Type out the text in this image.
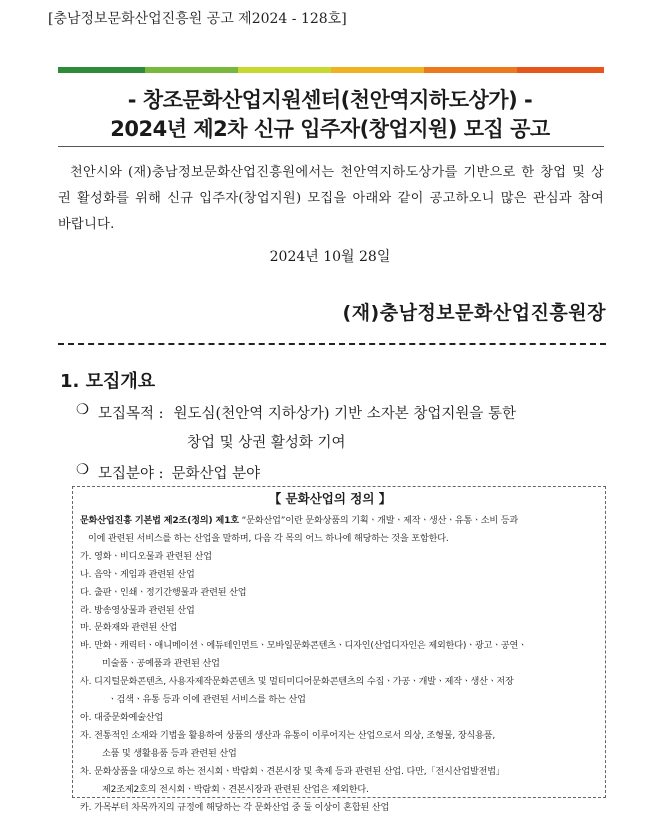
[충남정보문화산업진흥원 공고 제2024 - 128호]
- 창조문화산업지원센터(천안역지하도상가) -
2024년 제2차 신규 입주자(창업지원) 모집 공고
천안시와 (재)충남정보문화산업진흥원에서는 천안역지하도상가를 기반으로 한 창업 및 상권 활성화를 위해 신규 입주자(창업지원) 모집을 아래와 같이 공고하오니 많은 관심과 참여 바랍니다.
2024년 10월 28일
(재)충남정보문화산업진흥원장
1. 모집개요
❍ 모집목적 : 원도심(천안역 지하상가) 기반 소자본 창업지원을 통한
창업 및 상권 활성화 기여
❍ 모집분야 : 문화산업 분야
【 문화산업의 정의 】
문화산업진흥 기본법 제2조(정의) 제1호 “문화산업”이란 문화상품의 기획ㆍ개발ㆍ제작ㆍ생산ㆍ유통ㆍ소비 등과
이에 관련된 서비스를 하는 산업을 말하며, 다음 각 목의 어느 하나에 해당하는 것을 포함한다.
가. 영화ㆍ비디오물과 관련된 산업
나. 음악ㆍ게임과 관련된 산업
다. 출판ㆍ인쇄ㆍ정기간행물과 관련된 산업
라. 방송영상물과 관련된 산업
마. 문화재와 관련된 산업
바. 만화ㆍ캐릭터ㆍ애니메이션ㆍ에듀테인먼트ㆍ모바일문화콘텐츠ㆍ디자인(산업디자인은 제외한다)ㆍ광고ㆍ공연ㆍ
미술품ㆍ공예품과 관련된 산업
사. 디지털문화콘텐츠, 사용자제작문화콘텐츠 및 멀티미디어문화콘텐츠의 수집ㆍ가공ㆍ개발ㆍ제작ㆍ생산ㆍ저장
ㆍ검색ㆍ유통 등과 이에 관련된 서비스를 하는 산업
아. 대중문화예술산업
자. 전통적인 소재와 기법을 활용하여 상품의 생산과 유통이 이루어지는 산업으로서 의상, 조형물, 장식용품,
소품 및 생활용품 등과 관련된 산업
차. 문화상품을 대상으로 하는 전시회ㆍ박람회ㆍ견본시장 및 축제 등과 관련된 산업. 다만,「전시산업발전법」
제2조제2호의 전시회ㆍ박람회ㆍ견본시장과 관련된 산업은 제외한다.
카. 가목부터 차목까지의 규정에 해당하는 각 문화산업 중 둘 이상이 혼합된 산업
